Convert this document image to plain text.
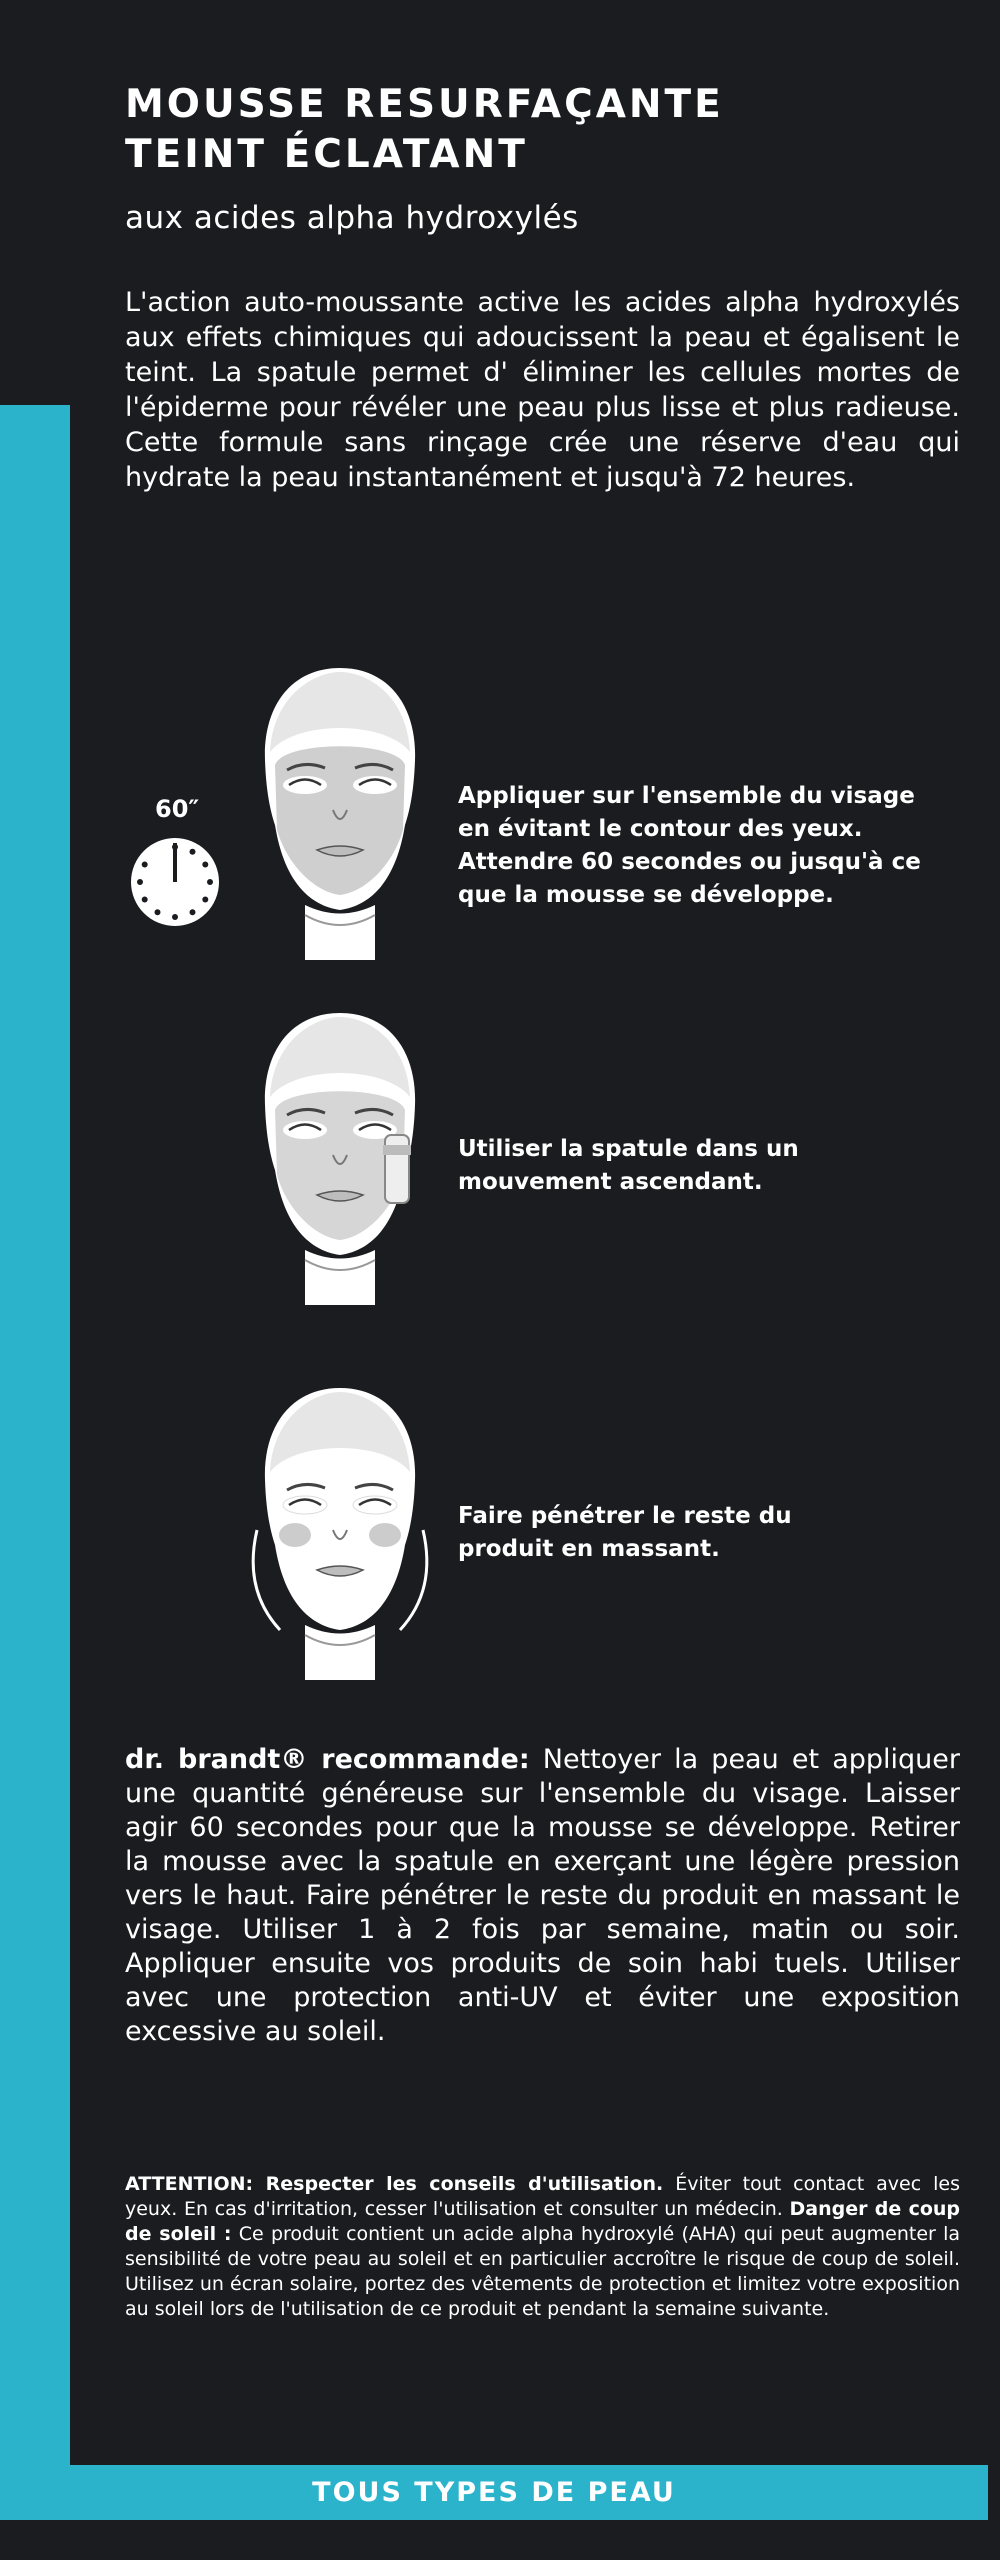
MOUSSE RESURFAÇANTE
TEINT ÉCLATANT
aux acides alpha hydroxylés
L'action auto-moussante active les acides alpha hydroxylés aux effets chimiques qui adoucissent la peau et égalisent le teint. La spatule permet d' éliminer les cellules mortes de l'épiderme pour révéler une peau plus lisse et plus radieuse. Cette formule sans rinçage crée une réserve d'eau qui hydrate la peau instantanément et jusqu'à 72 heures.
60″	Appliquer sur l'ensemble du visage en évitant le contour des yeux. Attendre 60 secondes ou jusqu'à ce que la mousse se développe.
Utiliser la spatule dans un mouvement ascendant.
Faire pénétrer le reste du produit en massant.
dr. brandt® recommande: Nettoyer la peau et appliquer une quantité généreuse sur l'ensemble du visage. Laisser agir 60 secondes pour que la mousse se développe. Retirer la mousse avec la spatule en exerçant une légère pression vers le haut. Faire pénétrer le reste du produit en massant le visage. Utiliser 1 à 2 fois par semaine, matin ou soir. Appliquer ensuite vos produits de soin habi tuels. Utiliser avec une protection anti-UV et éviter une exposition excessive au soleil.
ATTENTION: Respecter les conseils d'utilisation. Éviter tout contact avec les yeux. En cas d'irritation, cesser l'utilisation et consulter un médecin. Danger de coup de soleil : Ce produit contient un acide alpha hydroxylé (AHA) qui peut augmenter la sensibilité de votre peau au soleil et en particulier accroître le risque de coup de soleil. Utilisez un écran solaire, portez des vêtements de protection et limitez votre exposition au soleil lors de l'utilisation de ce produit et pendant la semaine suivante.
TOUS TYPES DE PEAU
